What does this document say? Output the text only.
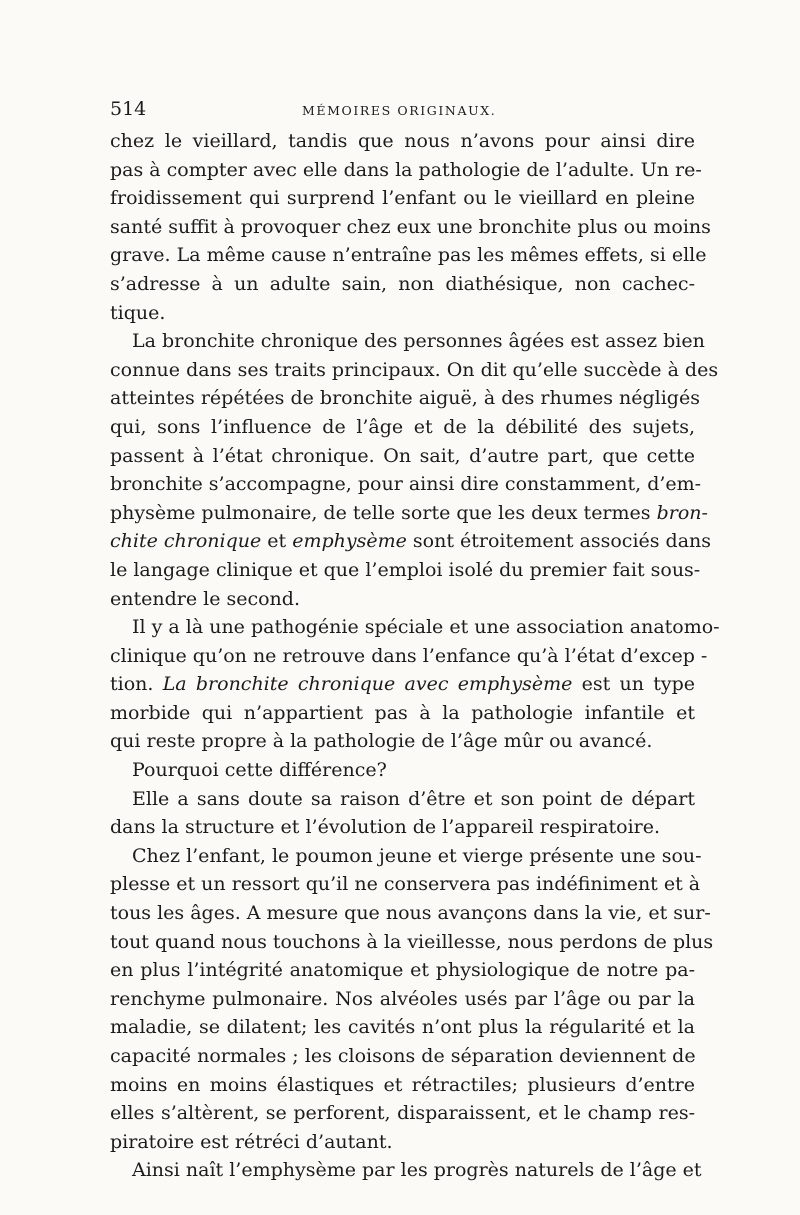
514	MÉMOIRES ORIGINAUX.
chez le vieillard, tandis que nous n’avons pour ainsi dire
pas à compter avec elle dans la pathologie de l’adulte. Un re-
froidissement qui surprend l’enfant ou le vieillard en pleine
santé suffit à provoquer chez eux une bronchite plus ou moins
grave. La même cause n’entraîne pas les mêmes effets, si elle
s’adresse à un adulte sain, non diathésique, non cachec-
tique.
La bronchite chronique des personnes âgées est assez bien
connue dans ses traits principaux. On dit qu’elle succède à des
atteintes répétées de bronchite aiguë, à des rhumes négligés
qui, sons l’influence de l’âge et de la débilité des sujets,
passent à l’état chronique. On sait, d’autre part, que cette
bronchite s’accompagne, pour ainsi dire constamment, d’em-
physème pulmonaire, de telle sorte que les deux termes bron-
chite chronique et emphysème sont étroitement associés dans
le langage clinique et que l’emploi isolé du premier fait sous-
entendre le second.
Il y a là une pathogénie spéciale et une association anatomo-
clinique qu’on ne retrouve dans l’enfance qu’à l’état d’excep -
tion. La bronchite chronique avec emphysème est un type
morbide qui n’appartient pas à la pathologie infantile et
qui reste propre à la pathologie de l’âge mûr ou avancé.
Pourquoi cette différence?
Elle a sans doute sa raison d’être et son point de départ
dans la structure et l’évolution de l’appareil respiratoire.
Chez l’enfant, le poumon jeune et vierge présente une sou-
plesse et un ressort qu’il ne conservera pas indéfiniment et à
tous les âges. A mesure que nous avançons dans la vie, et sur-
tout quand nous touchons à la vieillesse, nous perdons de plus
en plus l’intégrité anatomique et physiologique de notre pa-
renchyme pulmonaire. Nos alvéoles usés par l’âge ou par la
maladie, se dilatent; les cavités n’ont plus la régularité et la
capacité normales ; les cloisons de séparation deviennent de
moins en moins élastiques et rétractiles; plusieurs d’entre
elles s’altèrent, se perforent, disparaissent, et le champ res-
piratoire est rétréci d’autant.
Ainsi naît l’emphysème par les progrès naturels de l’âge et
